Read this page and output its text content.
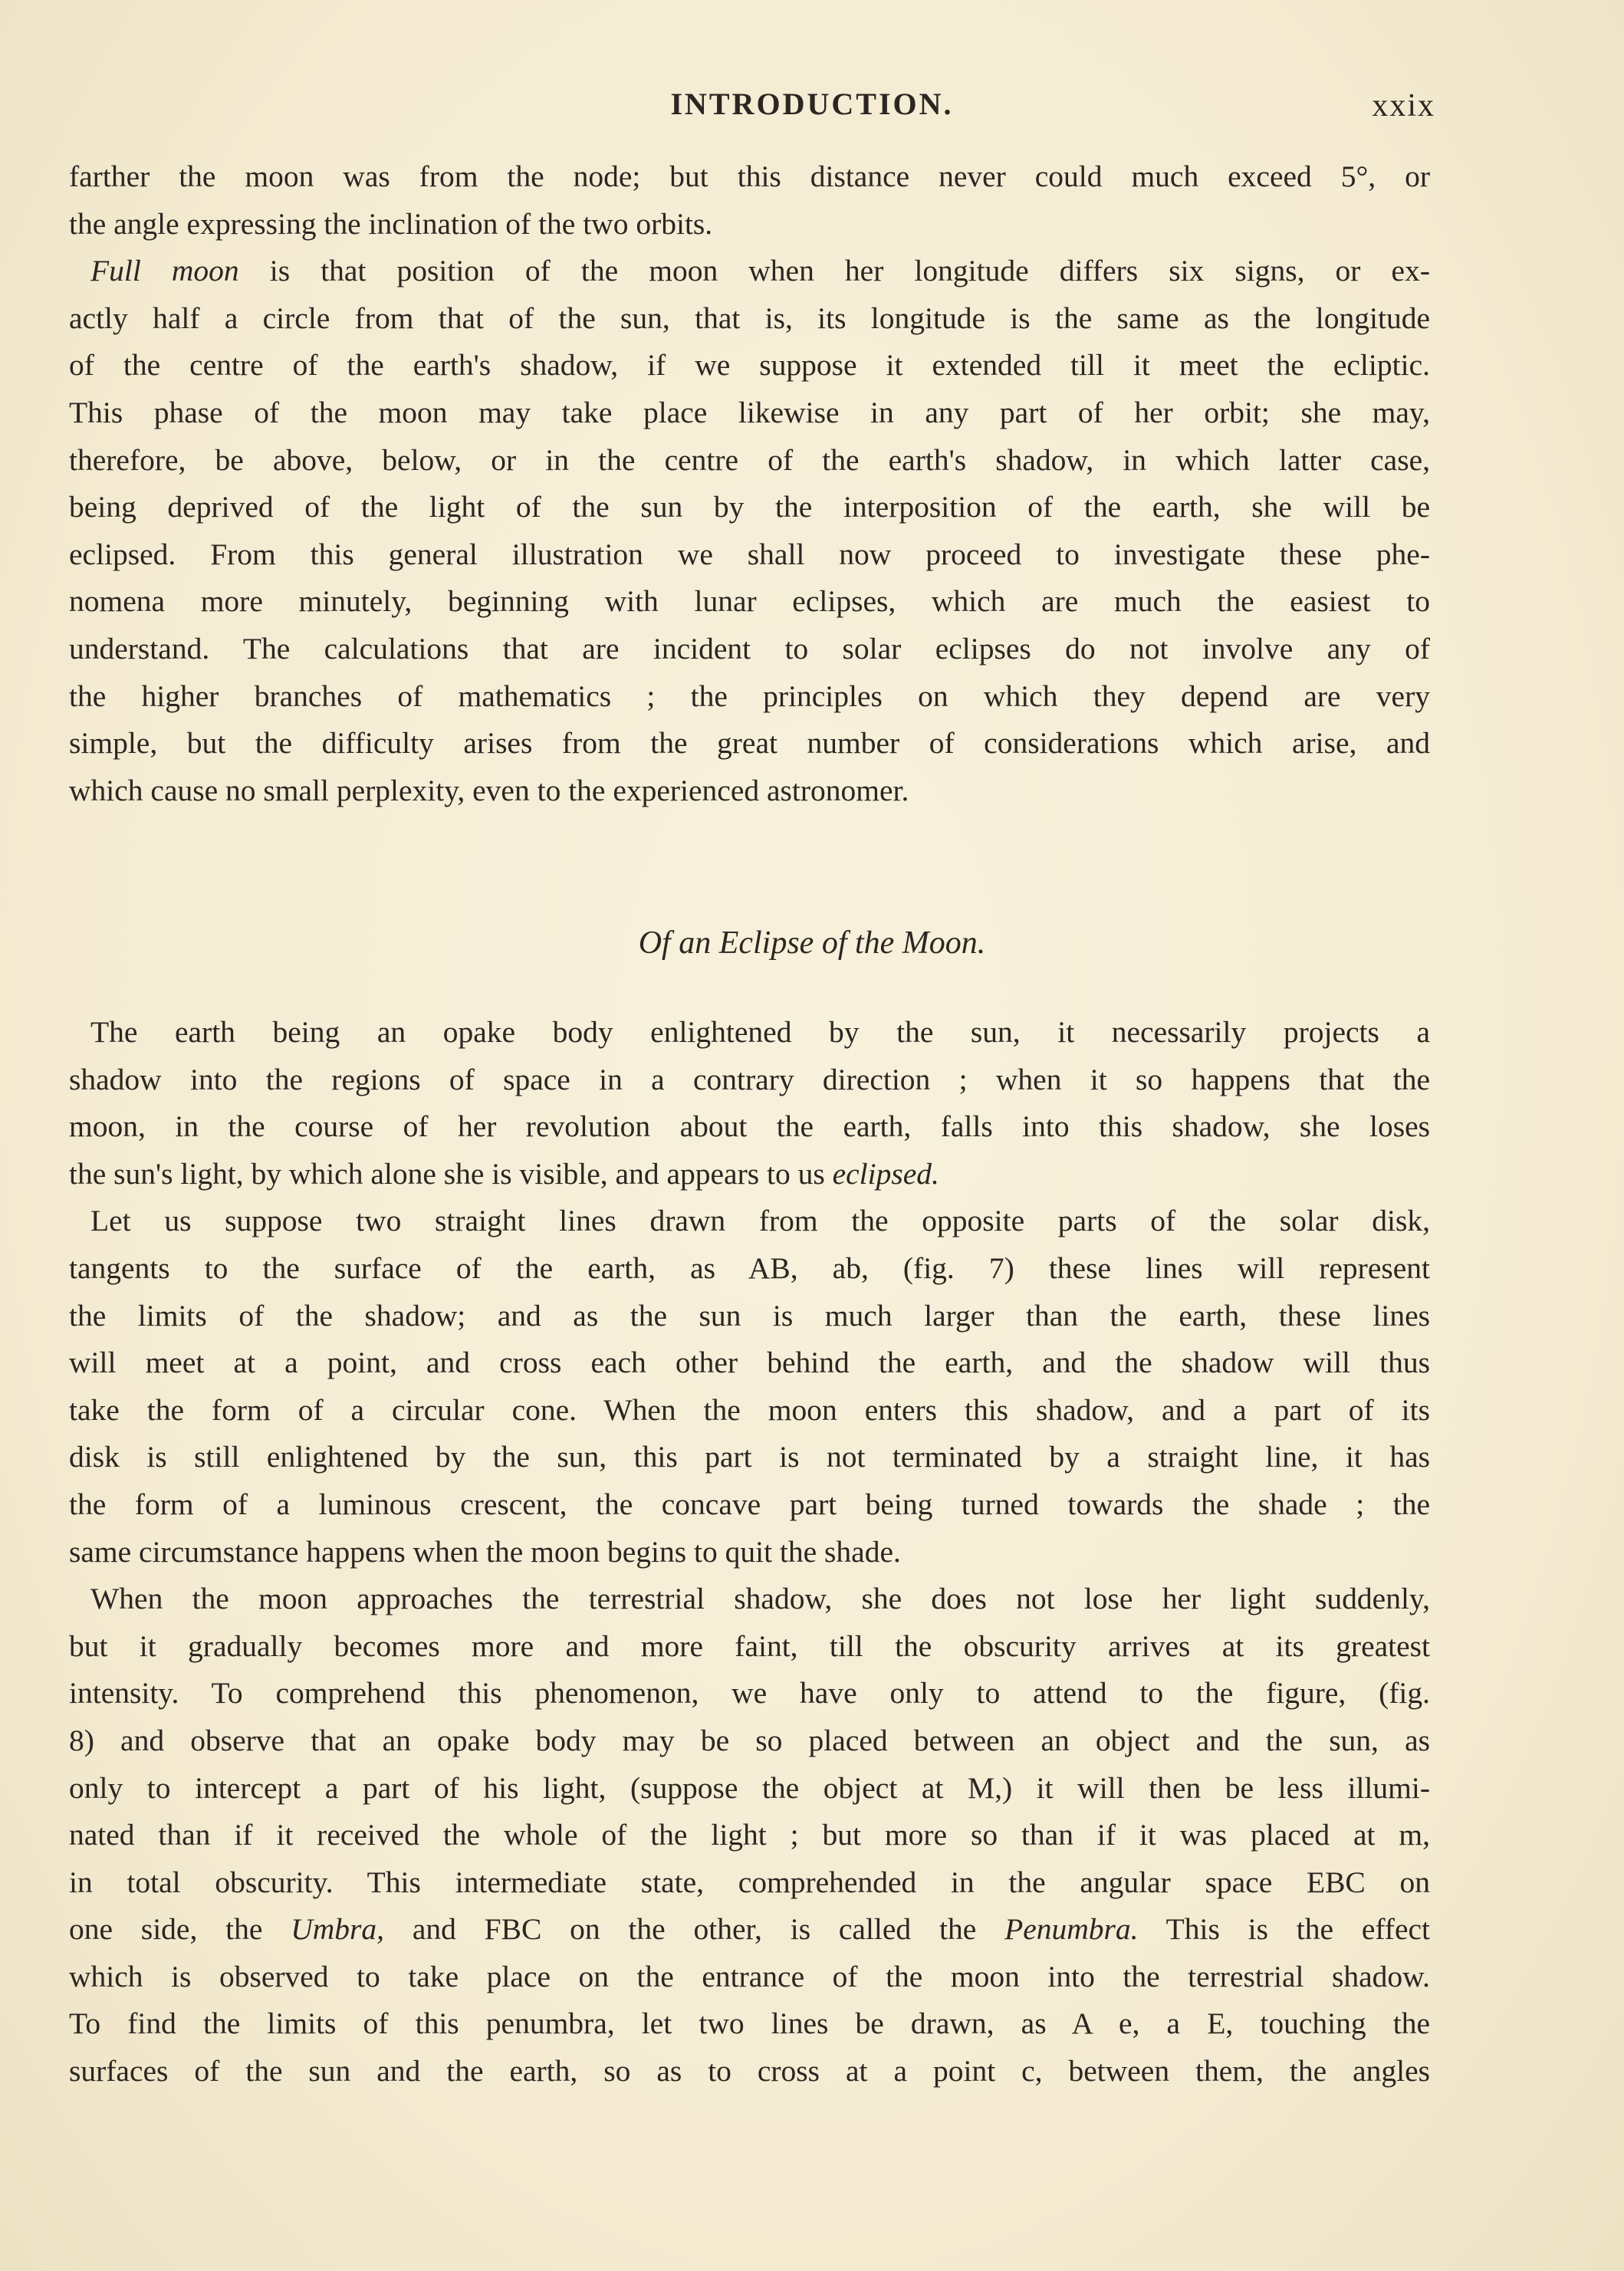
INTRODUCTION.	xxix
farther the moon was from the node; but this distance never could much exceed 5°, or
the angle expressing the inclination of the two orbits.
Full moon is that position of the moon when her longitude differs six signs, or ex-
actly half a circle from that of the sun, that is, its longitude is the same as the longitude
of the centre of the earth's shadow, if we suppose it extended till it meet the ecliptic.
This phase of the moon may take place likewise in any part of her orbit; she may,
therefore, be above, below, or in the centre of the earth's shadow, in which latter case,
being deprived of the light of the sun by the interposition of the earth, she will be
eclipsed. From this general illustration we shall now proceed to investigate these phe-
nomena more minutely, beginning with lunar eclipses, which are much the easiest to
understand. The calculations that are incident to solar eclipses do not involve any of
the higher branches of mathematics ; the principles on which they depend are very
simple, but the difficulty arises from the great number of considerations which arise, and
which cause no small perplexity, even to the experienced astronomer.
Of an Eclipse of the Moon.
The earth being an opake body enlightened by the sun, it necessarily projects a
shadow into the regions of space in a contrary direction ; when it so happens that the
moon, in the course of her revolution about the earth, falls into this shadow, she loses
the sun's light, by which alone she is visible, and appears to us eclipsed.
Let us suppose two straight lines drawn from the opposite parts of the solar disk,
tangents to the surface of the earth, as AB, ab, (fig. 7) these lines will represent
the limits of the shadow; and as the sun is much larger than the earth, these lines
will meet at a point, and cross each other behind the earth, and the shadow will thus
take the form of a circular cone. When the moon enters this shadow, and a part of its
disk is still enlightened by the sun, this part is not terminated by a straight line, it has
the form of a luminous crescent, the concave part being turned towards the shade ; the
same circumstance happens when the moon begins to quit the shade.
When the moon approaches the terrestrial shadow, she does not lose her light suddenly,
but it gradually becomes more and more faint, till the obscurity arrives at its greatest
intensity. To comprehend this phenomenon, we have only to attend to the figure, (fig.
8) and observe that an opake body may be so placed between an object and the sun, as
only to intercept a part of his light, (suppose the object at M,) it will then be less illumi-
nated than if it received the whole of the light ; but more so than if it was placed at m,
in total obscurity. This intermediate state, comprehended in the angular space EBC on
one side, the Umbra, and FBC on the other, is called the Penumbra. This is the effect
which is observed to take place on the entrance of the moon into the terrestrial shadow.
To find the limits of this penumbra, let two lines be drawn, as A e, a E, touching the
surfaces of the sun and the earth, so as to cross at a point c, between them, the angles
